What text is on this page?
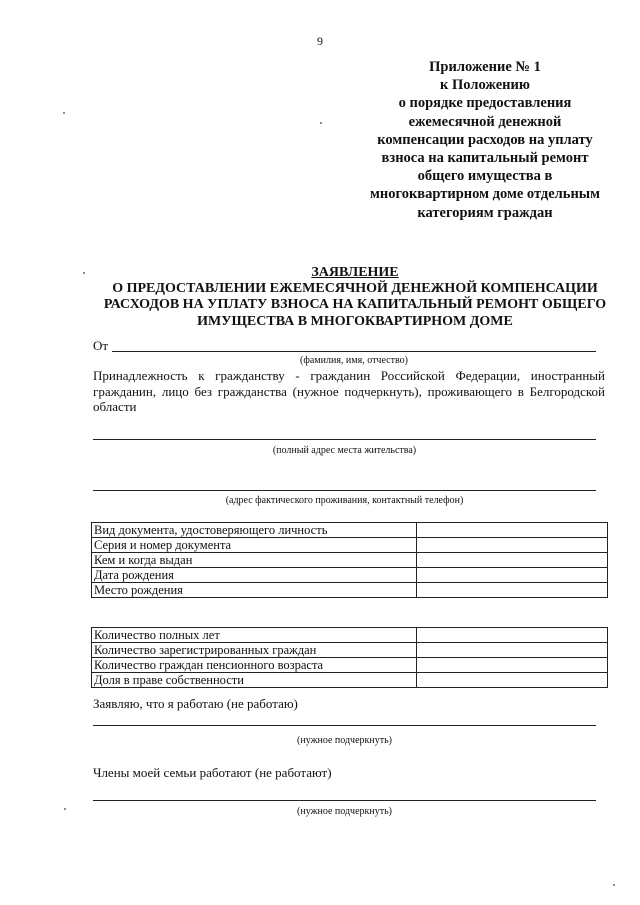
9
Приложение № 1
к Положению
о порядке предоставления
ежемесячной денежной
компенсации расходов на уплату
взноса на капитальный ремонт
общего имущества в
многоквартирном доме отдельным
категориям граждан
ЗАЯВЛЕНИЕ
О ПРЕДОСТАВЛЕНИИ ЕЖЕМЕСЯЧНОЙ ДЕНЕЖНОЙ КОМПЕНСАЦИИ
РАСХОДОВ НА УПЛАТУ ВЗНОСА НА КАПИТАЛЬНЫЙ РЕМОНТ ОБЩЕГО
ИМУЩЕСТВА В МНОГОКВАРТИРНОМ ДОМЕ
От
(фамилия, имя, отчество)
Принадлежность к гражданству - гражданин Российской Федерации, иностранный гражданин, лицо без гражданства (нужное подчеркнуть), проживающего в Белгородской области
(полный адрес места жительства)
(адрес фактического проживания, контактный телефон)
Вид документа, удостоверяющего личность	
Серия и номер документа	
Кем и когда выдан	
Дата рождения	
Место рождения	
Количество полных лет	
Количество зарегистрированных граждан	
Количество граждан пенсионного возраста	
Доля в праве собственности	
Заявляю, что я работаю (не работаю)
(нужное подчеркнуть)
Члены моей семьи работают (не работают)
(нужное подчеркнуть)
